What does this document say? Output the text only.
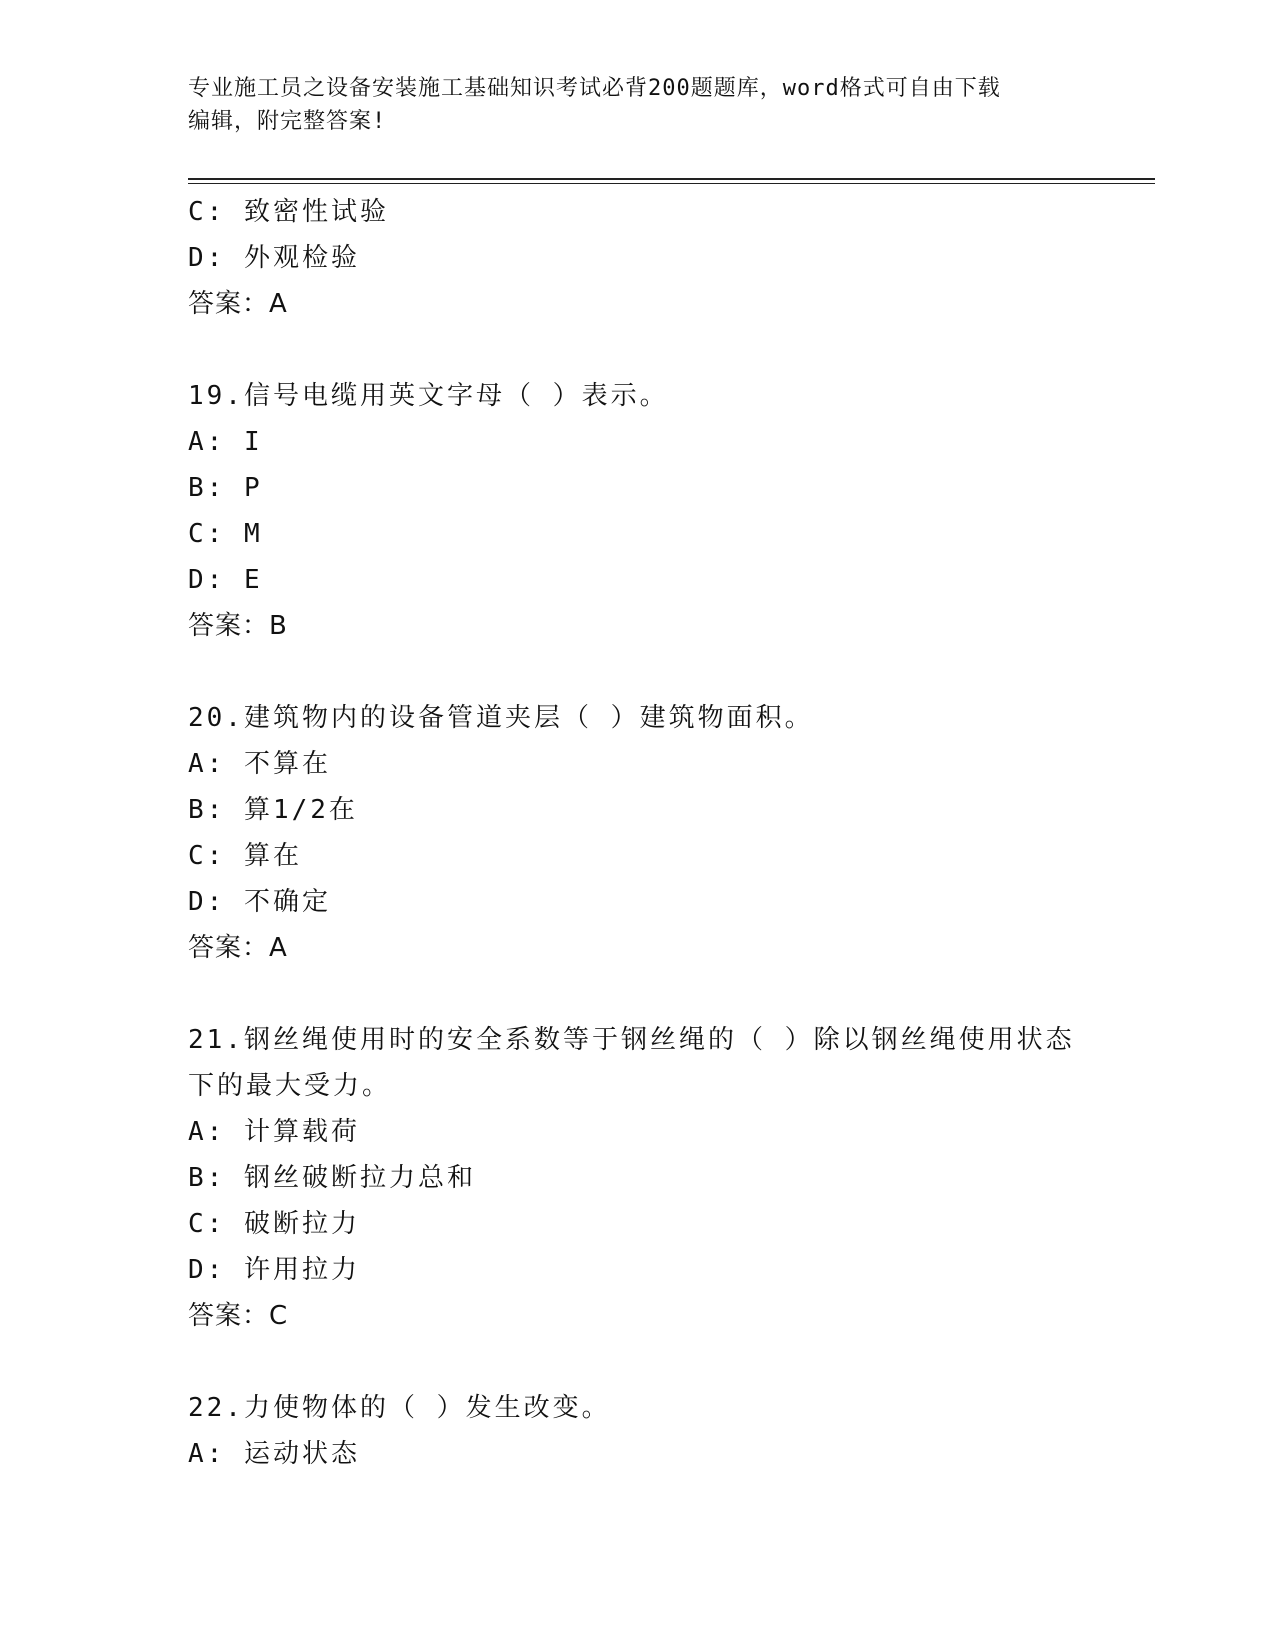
专业施工员之设备安装施工基础知识考试必背200题题库，word格式可自由下载
编辑，附完整答案!
C: 致密性试验
D: 外观检验
答案：A
19.信号电缆用英文字母（ ）表示。
A: I
B: P
C: M
D: E
答案：B
20.建筑物内的设备管道夹层（ ）建筑物面积。
A: 不算在
B: 算1/2在
C: 算在
D: 不确定
答案：A
21.钢丝绳使用时的安全系数等于钢丝绳的（ ）除以钢丝绳使用状态
下的最大受力。
A: 计算载荷
B: 钢丝破断拉力总和
C: 破断拉力
D: 许用拉力
答案：C
22.力使物体的（ ）发生改变。
A: 运动状态
